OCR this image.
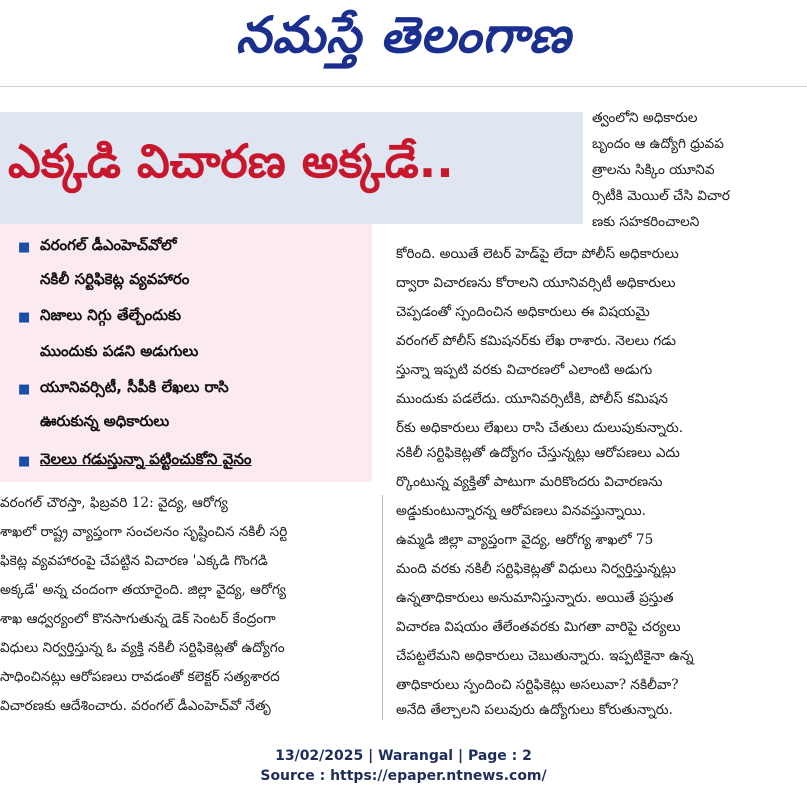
నమస్తే తెలంగాణ
ఎక్కడి విచారణ అక్కడే..
■ వరంగల్ డీఎంహెచ్‌వోలో
నకిలీ సర్టిఫికెట్ల వ్యవహారం
■ నిజాలు నిగ్గు తేల్చేందుకు
ముందుకు పడని అడుగులు
■ యూనివర్సిటీ, సీపీకి లేఖలు రాసి
ఊరుకున్న అధికారులు
■ నెలలు గడుస్తున్నా పట్టించుకోని వైనం
వరంగల్ చౌరస్తా, ఫిబ్రవరి 12: వైద్య, ఆరోగ్య
శాఖలో రాష్ట్ర వ్యాప్తంగా సంచలనం సృష్టించిన నకిలీ సర్టి
ఫికెట్ల వ్యవహారంపై చేపట్టిన విచారణ 'ఎక్కడి గొంగడి
అక్కడే' అన్న చందంగా తయారైంది. జిల్లా వైద్య, ఆరోగ్య
శాఖ ఆధ్వర్యంలో కొనసాగుతున్న డెక్ సెంటర్ కేంద్రంగా
విధులు నిర్వర్తిస్తున్న ఓ వ్యక్తి నకిలీ సర్టిఫికెట్లతో ఉద్యోగం
సాధించినట్లు ఆరోపణలు రావడంతో కలెక్టర్ సత్యశారద
విచారణకు ఆదేశించారు. వరంగల్ డీఎంహెచ్‌వో నేతృ
త్వంలోని అధికారుల
బృందం ఆ ఉద్యోగి ధ్రువప
త్రాలను సిక్కిం యూనివ
ర్సిటీకి మెయిల్ చేసి విచార
ణకు సహకరించాలని
కోరింది. అయితే లెటర్ హెడ్‌పై లేదా పోలీస్ అధికారులు
ద్వారా విచారణను కోరాలని యూనివర్సిటీ అధికారులు
చెప్పడంతో స్పందించిన అధికారులు ఈ విషయమై
వరంగల్ పోలీస్ కమిషనర్‌కు లేఖ రాశారు. నెలలు గడు
స్తున్నా ఇప్పటి వరకు విచారణలో ఎలాంటి అడుగు
ముందుకు పడలేదు. యూనివర్సిటీకి, పోలీస్ కమిషన
ర్‌కు అధికారులు లేఖలు రాసి చేతులు దులుపుకున్నారు.
నకిలీ సర్టిఫికెట్లతో ఉద్యోగం చేస్తున్నట్లు ఆరోపణలు ఎదు
ర్కొంటున్న వ్యక్తితో పాటుగా మరికొందరు విచారణను
అడ్డుకుంటున్నారన్న ఆరోపణలు వినవస్తున్నాయి.
ఉమ్మడి జిల్లా వ్యాప్తంగా వైద్య, ఆరోగ్య శాఖలో 75
మంది వరకు నకిలీ సర్టిఫికెట్లతో విధులు నిర్వర్తిస్తున్నట్లు
ఉన్నతాధికారులు అనుమానిస్తున్నారు. అయితే ప్రస్తుత
విచారణ విషయం తేలేంతవరకు మిగతా వారిపై చర్యలు
చేపట్టలేమని అధికారులు చెబుతున్నారు. ఇప్పటికైనా ఉన్న
తాధికారులు స్పందించి సర్టిఫికెట్లు అసలువా? నకిలీవా?
అనేది తేల్చాలని పలువురు ఉద్యోగులు కోరుతున్నారు.
13/02/2025 | Warangal | Page : 2
Source : https://epaper.ntnews.com/
